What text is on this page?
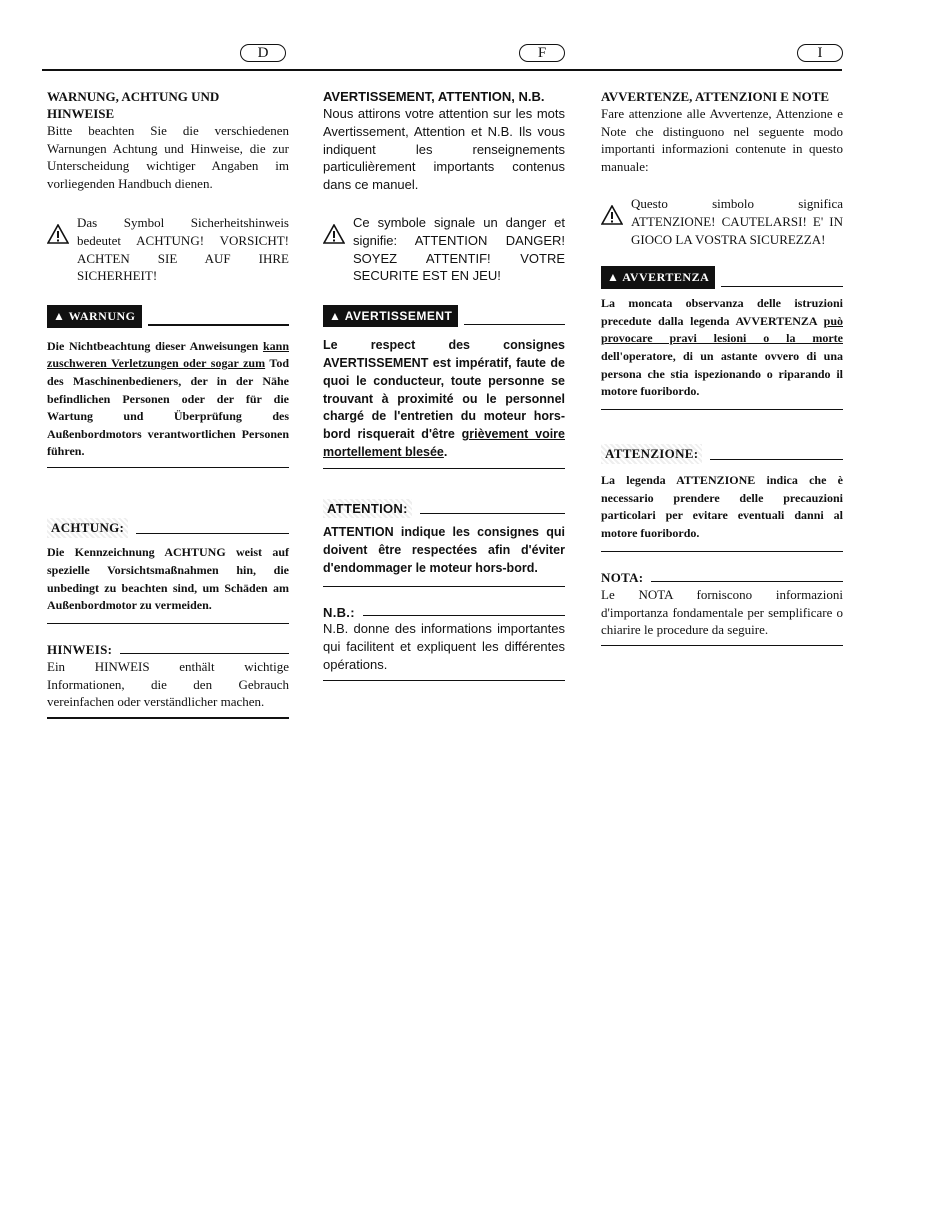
D	F	I

WARNUNG, ACHTUNG UND HINWEISE

Bitte beachten Sie die verschiedenen Warnungen Achtung und Hinweise, die zur Unterscheidung wichtiger Angaben im vorliegenden Handbuch dienen.

Das Symbol Sicherheitshinweis bedeutet ACHTUNG! VORSICHT! ACHTEN SIE AUF IHRE SICHERHEIT!

▲ WARNUNG

Die Nichtbeachtung dieser Anweisungen kann zuschweren Verletzungen oder sogar zum Tod des Maschinenbedieners, der in der Nähe befindlichen Personen oder der für die Wartung und Überprüfung des Außenbordmotors verantwortlichen Personen führen.

ACHTUNG:

Die Kennzeichnung ACHTUNG weist auf spezielle Vorsichtsmaßnahmen hin, die unbedingt zu beachten sind, um Schäden am Außenbordmotor zu vermeiden.

HINWEIS:

Ein HINWEIS enthält wichtige Informationen, die den Gebrauch vereinfachen oder verständlicher machen.

AVERTISSEMENT, ATTENTION, N.B.

Nous attirons votre attention sur les mots Avertissement, Attention et N.B. Ils vous indiquent les renseignements particulièrement importants contenus dans ce manuel.

Ce symbole signale un danger et signifie: ATTENTION DANGER! SOYEZ ATTENTIF! VOTRE SECURITE EST EN JEU!

▲ AVERTISSEMENT

Le respect des consignes AVERTISSEMENT est impératif, faute de quoi le conducteur, toute personne se trouvant à proximité ou le personnel chargé de l'entretien du moteur hors-bord risquerait d'être grièvement voire mortellement blesée.

ATTENTION:

ATTENTION indique les consignes qui doivent être respectées afin d'éviter d'endommager le moteur hors-bord.

N.B.:

N.B. donne des informations importantes qui facilitent et expliquent les différentes opérations.

AVVERTENZE, ATTENZIONI E NOTE

Fare attenzione alle Avvertenze, Attenzione e Note che distinguono nel seguente modo importanti informazioni contenute in questo manuale:

Questo simbolo significa ATTENZIONE! CAUTELARSI! E' IN GIOCO LA VOSTRA SICUREZZA!

▲ AVVERTENZA

La moncata observanza delle istruzioni precedute dalla legenda AVVERTENZA può provocare pravi lesioni o la morte dell'operatore, di un astante ovvero di una persona che stia ispezionando o riparando il motore fuoribordo.

ATTENZIONE:

La legenda ATTENZIONE indica che è necessario prendere delle precauzioni particolari per evitare eventuali danni al motore fuoribordo.

NOTA:

Le NOTA forniscono informazioni d'importanza fondamentale per semplificare o chiarire le procedure da seguire.
